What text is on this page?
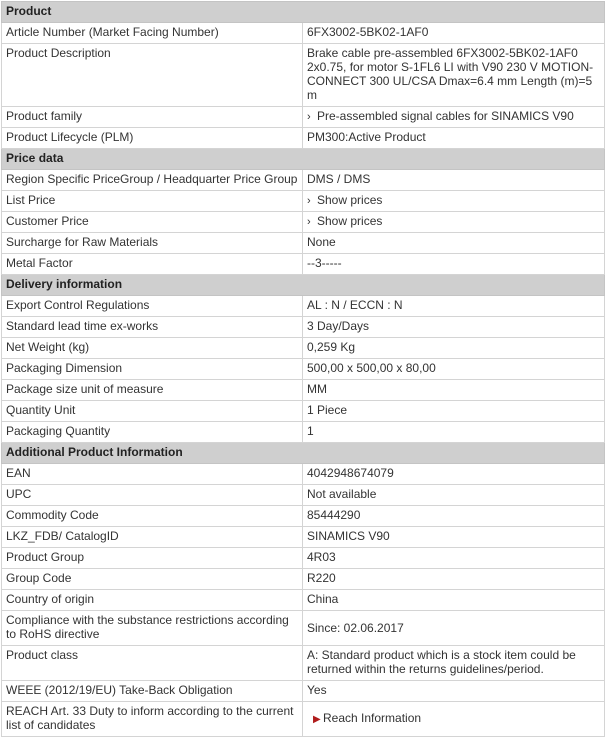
Product	
Article Number (Market Facing Number)	6FX3002-5BK02-1AF0
Product Description	Brake cable pre-assembled 6FX3002-5BK02-1AF0 2x0.75, for motor S-1FL6 LI with V90 230 V MOTION-CONNECT 300 UL/CSA Dmax=6.4 mm Length (m)=5 m
Product family	› Pre-assembled signal cables for SINAMICS V90
Product Lifecycle (PLM)	PM300:Active Product
Price data	
Region Specific PriceGroup / Headquarter Price Group	DMS / DMS
List Price	› Show prices
Customer Price	› Show prices
Surcharge for Raw Materials	None
Metal Factor	--3-----
Delivery information	
Export Control Regulations	AL : N / ECCN : N
Standard lead time ex-works	3 Day/Days
Net Weight (kg)	0,259 Kg
Packaging Dimension	500,00 x 500,00 x 80,00
Package size unit of measure	MM
Quantity Unit	1 Piece
Packaging Quantity	1
Additional Product Information	
EAN	4042948674079
UPC	Not available
Commodity Code	85444290
LKZ_FDB/ CatalogID	SINAMICS V90
Product Group	4R03
Group Code	R220
Country of origin	China
Compliance with the substance restrictions according to RoHS directive	Since: 02.06.2017
Product class	A: Standard product which is a stock item could be returned within the returns guidelines/period.
WEEE (2012/19/EU) Take-Back Obligation	Yes
REACH Art. 33 Duty to inform according to the current list of candidates	▶ Reach Information
